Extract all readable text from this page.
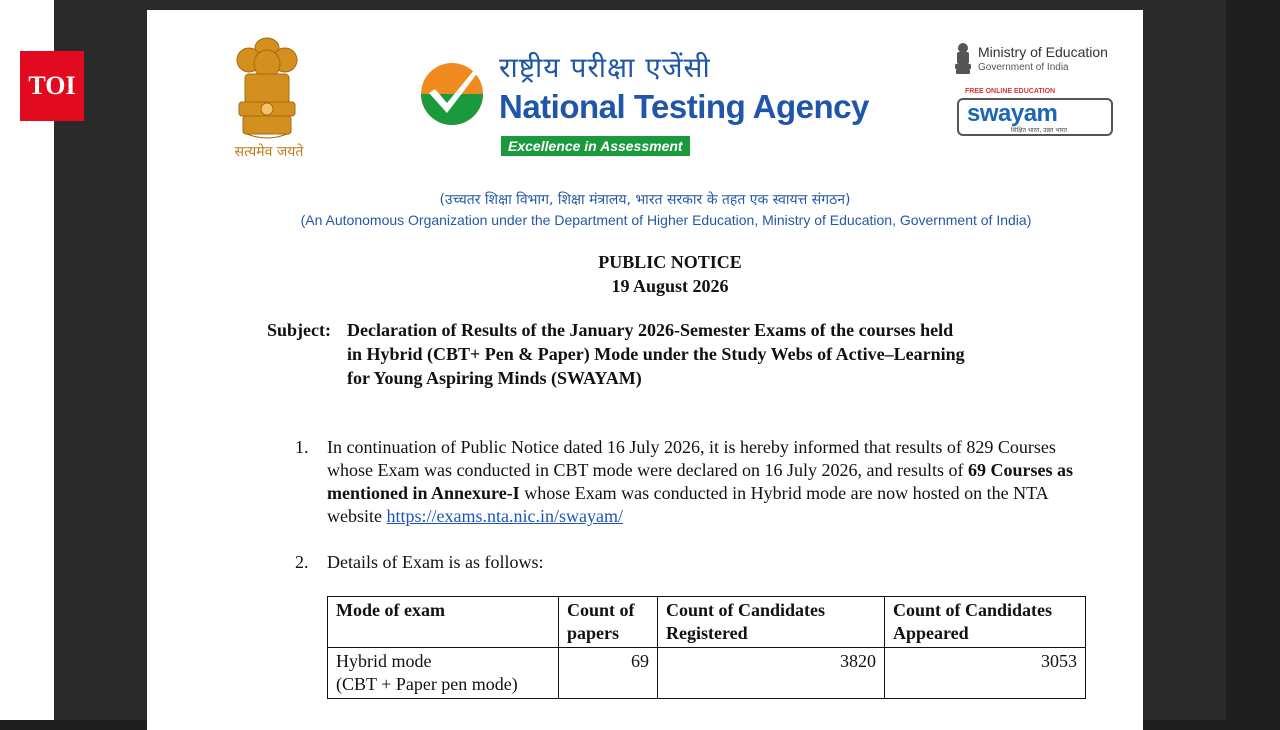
TOI
सत्यमेव जयते
राष्ट्रीय परीक्षा एजेंसी
National Testing Agency
Excellence in Assessment
Ministry of Education
Government of India
FREE ONLINE EDUCATION
swayam
शिक्षित भारत, उन्नत भारत
(उच्चतर शिक्षा विभाग, शिक्षा मंत्रालय, भारत सरकार के तहत एक स्वायत्त संगठन)
(An Autonomous Organization under the Department of Higher Education, Ministry of Education, Government of India)
PUBLIC NOTICE
19 August 2026
Subject: Declaration of Results of the January 2026-Semester Exams of the courses held
in Hybrid (CBT+ Pen & Paper) Mode under the Study Webs of Active–Learning
for Young Aspiring Minds (SWAYAM)
1. In continuation of Public Notice dated 16 July 2026, it is hereby informed that results of 829 Courses whose Exam was conducted in CBT mode were declared on 16 July 2026, and results of 69 Courses as mentioned in Annexure-I whose Exam was conducted in Hybrid mode are now hosted on the NTA website https://exams.nta.nic.in/swayam/
2. Details of Exam is as follows:
Mode of exam	Count of papers	Count of Candidates Registered	Count of Candidates Appeared

Hybrid mode
(CBT + Paper pen mode)	69	3820	3053
